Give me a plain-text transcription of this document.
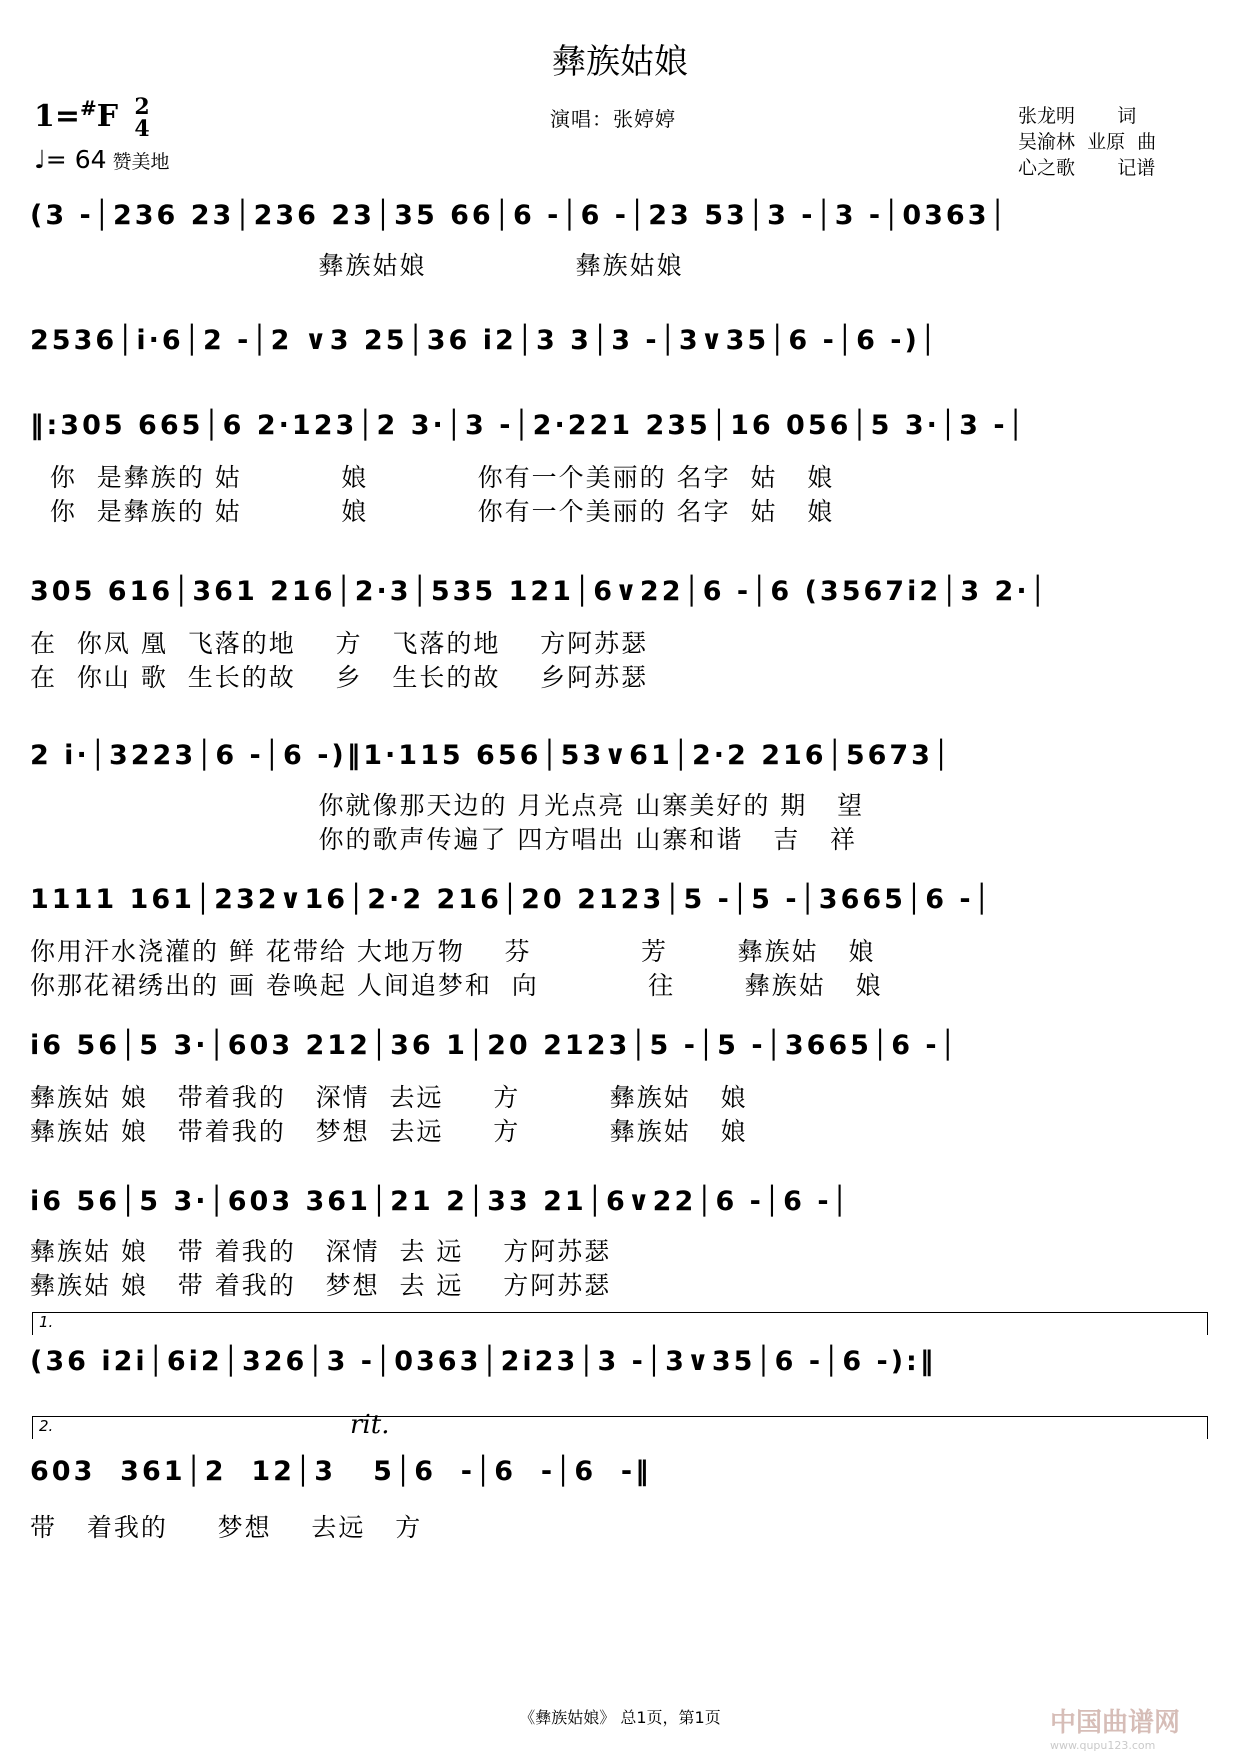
彝族姑娘
1=#F 2
4
♩= 64 赞美地
演唱：张婷婷	张龙明       词
吴渝林  业原  曲
心之歌       记谱
(3 -│236 23│236 23│35 66│6 -│6 -│23 53│3 -│3 -│0363│
彝族姑娘               彝族姑娘
2536│i·6│2 -│2 ∨3 25│36 i2│3 3│3 -│3∨35│6 -│6 -)│
‖:305 665│6 2·123│2 3·│3 -│2·221 235│16 056│5 3·│3 -│
你  是彝族的 姑          娘           你有一个美丽的 名字  姑   娘
你  是彝族的 姑          娘           你有一个美丽的 名字  姑   娘
305 616│361 216│2·3│535 121│6∨22│6 -│6 (3567i2│3 2·│
在  你凤 凰  飞落的地    方   飞落的地    方阿苏瑟
在  你山 歌  生长的故    乡   生长的故    乡阿苏瑟
2 i·│3223│6 -│6 -)‖1·115 656│53∨61│2·2 216│5673│
你就像那天边的 月光点亮 山寨美好的 期   望
你的歌声传遍了 四方唱出 山寨和谐   吉   祥
1111 161│232∨16│2·2 216│20 2123│5 -│5 -│3665│6 -│
你用汗水浇灌的 鲜 花带给 大地万物    芬           芳       彝族姑   娘
你那花裙绣出的 画 卷唤起 人间追梦和  向           往       彝族姑   娘
i6 56│5 3·│603 212│36 1│20 2123│5 -│5 -│3665│6 -│
彝族姑 娘   带着我的   深情  去远     方         彝族姑   娘
彝族姑 娘   带着我的   梦想  去远     方         彝族姑   娘
i6 56│5 3·│603 361│21 2│33 21│6∨22│6 -│6 -│
彝族姑 娘   带 着我的   深情  去 远    方阿苏瑟
彝族姑 娘   带 着我的   梦想  去 远    方阿苏瑟
1.
(36 i2i│6i2│326│3 -│0363│2i23│3 -│3∨35│6 -│6 -):‖
2.	rit.
603  361│2  12│3   5│6  -│6  -│6  -‖
带   着我的     梦想    去远   方
《彝族姑娘》 总1页，第1页	中国曲谱网
www.qupu123.com
